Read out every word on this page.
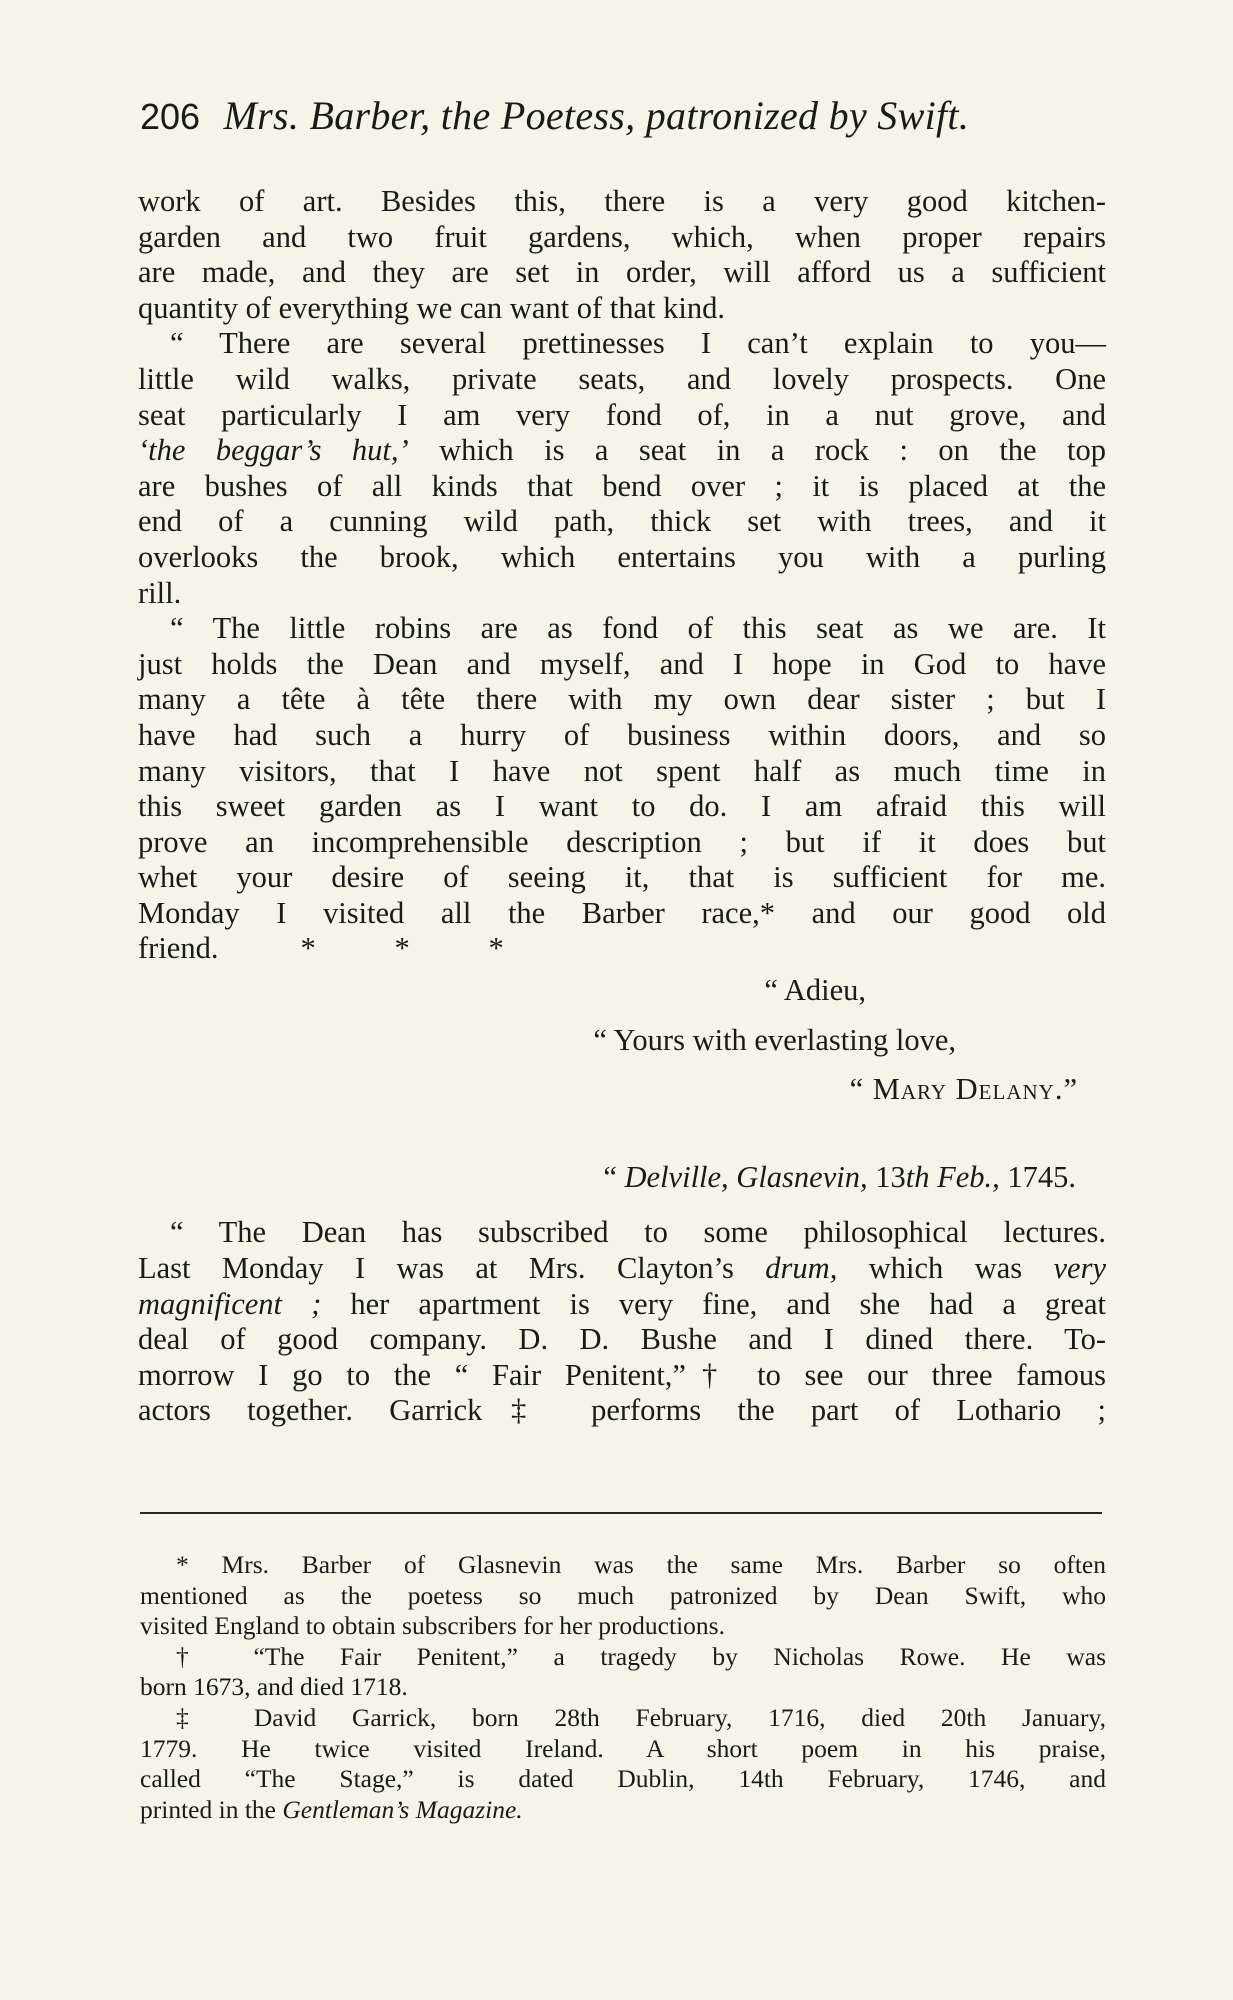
206 Mrs. Barber, the Poetess, patronized by Swift.
work of art. Besides this, there is a very good kitchen-
garden and two fruit gardens, which, when proper repairs
are made, and they are set in order, will afford us a sufficient
quantity of everything we can want of that kind.
“ There are several prettinesses I can’t explain to you—
little wild walks, private seats, and lovely prospects. One
seat particularly I am very fond of, in a nut grove, and
‘the beggar’s hut,’ which is a seat in a rock : on the top
are bushes of all kinds that bend over ; it is placed at the
end of a cunning wild path, thick set with trees, and it
overlooks the brook, which entertains you with a purling
rill.
“ The little robins are as fond of this seat as we are. It
just holds the Dean and myself, and I hope in God to have
many a tête à tête there with my own dear sister ; but I
have had such a hurry of business within doors, and so
many visitors, that I have not spent half as much time in
this sweet garden as I want to do. I am afraid this will
prove an incomprehensible description ; but if it does but
whet your desire of seeing it, that is sufficient for me.
Monday I visited all the Barber race,* and our good old
friend.	*	*	*
“ Adieu,
“ Yours with everlasting love,
“ Mary Delany.”
“ Delville, Glasnevin, 13th Feb., 1745.
“ The Dean has subscribed to some philosophical lectures.
Last Monday I was at Mrs. Clayton’s drum, which was very
magnificent ; her apartment is very fine, and she had a great
deal of good company. D. D. Bushe and I dined there. To-
morrow I go to the “ Fair Penitent,”† to see our three famous
actors together. Garrick‡ performs the part of Lothario ;
* Mrs. Barber of Glasnevin was the same Mrs. Barber so often
mentioned as the poetess so much patronized by Dean Swift, who
visited England to obtain subscribers for her productions.
† “The Fair Penitent,” a tragedy by Nicholas Rowe. He was
born 1673, and died 1718.
‡ David Garrick, born 28th February, 1716, died 20th January,
1779. He twice visited Ireland. A short poem in his praise,
called “The Stage,” is dated Dublin, 14th February, 1746, and
printed in the Gentleman’s Magazine.
